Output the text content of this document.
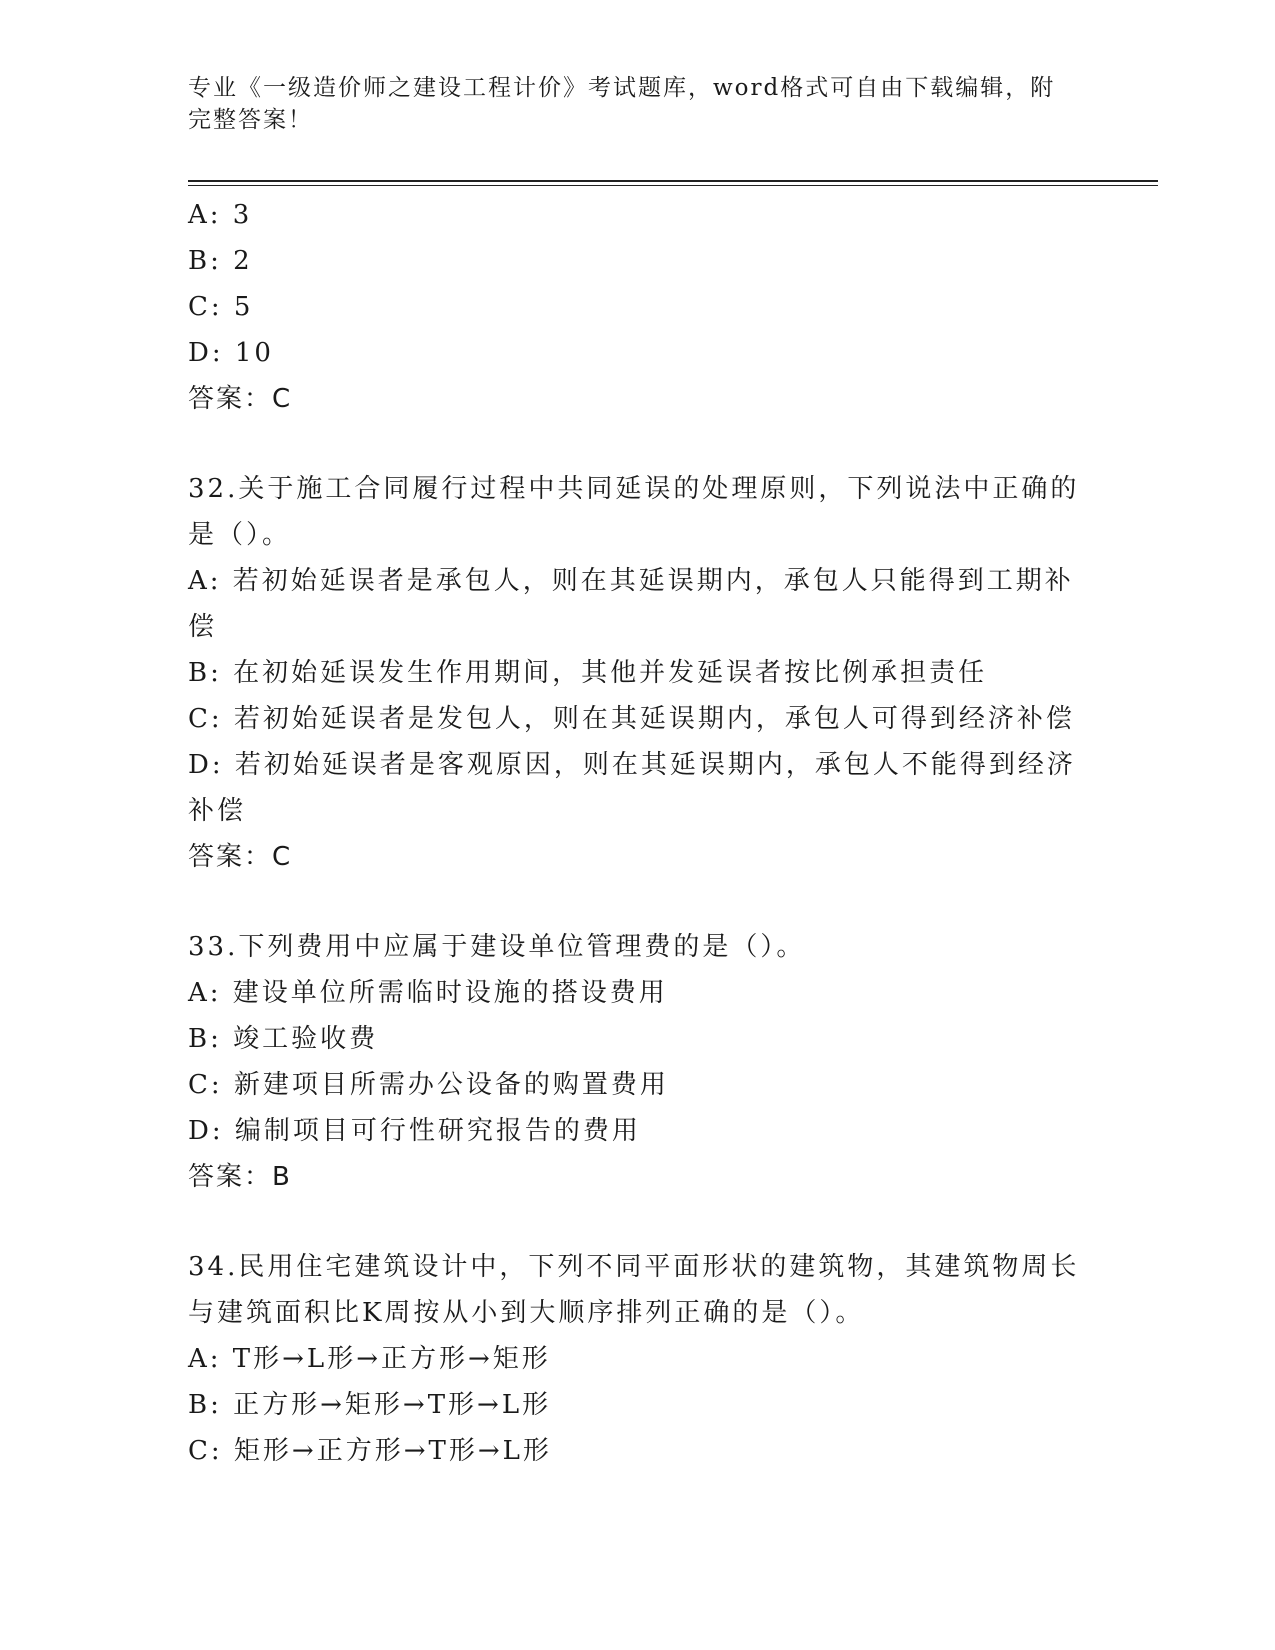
专业《一级造价师之建设工程计价》考试题库，word格式可自由下载编辑，附完整答案！

A: 3

B: 2

C: 5

D: 10

答案：C

32.关于施工合同履行过程中共同延误的处理原则，下列说法中正确的是（）。

A: 若初始延误者是承包人，则在其延误期内，承包人只能得到工期补偿

B: 在初始延误发生作用期间，其他并发延误者按比例承担责任

C: 若初始延误者是发包人，则在其延误期内，承包人可得到经济补偿

D: 若初始延误者是客观原因，则在其延误期内，承包人不能得到经济补偿

答案：C

33.下列费用中应属于建设单位管理费的是（）。

A: 建设单位所需临时设施的搭设费用

B: 竣工验收费

C: 新建项目所需办公设备的购置费用

D: 编制项目可行性研究报告的费用

答案：B

34.民用住宅建筑设计中，下列不同平面形状的建筑物，其建筑物周长与建筑面积比K周按从小到大顺序排列正确的是（）。

A: T形→L形→正方形→矩形

B: 正方形→矩形→T形→L形

C: 矩形→正方形→T形→L形
